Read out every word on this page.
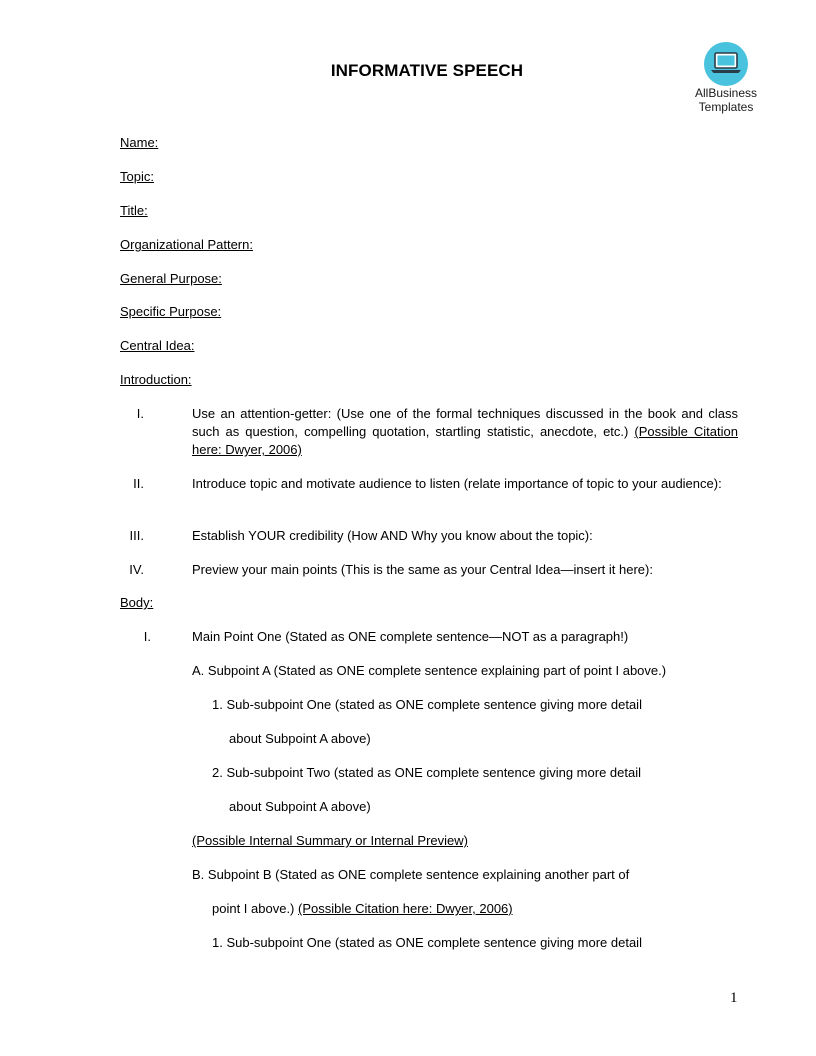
INFORMATIVE SPEECH
AllBusiness
Templates
Name:
Topic:
Title:
Organizational Pattern:
General Purpose:
Specific Purpose:
Central Idea:
Introduction:
I.	Use an attention-getter: (Use one of the formal techniques discussed in the book and class such as question, compelling quotation, startling statistic, anecdote, etc.) (Possible Citation here: Dwyer, 2006)
II.	Introduce topic and motivate audience to listen (relate importance of topic to your audience):
III.	Establish YOUR credibility (How AND Why you know about the topic):
IV.	Preview your main points (This is the same as your Central Idea—insert it here):
Body:
I.	Main Point One (Stated as ONE complete sentence—NOT as a paragraph!)
A. Subpoint A (Stated as ONE complete sentence explaining part of point I above.)
1. Sub-subpoint One (stated as ONE complete sentence giving more detail
about Subpoint A above)
2. Sub-subpoint Two (stated as ONE complete sentence giving more detail
about Subpoint A above)
(Possible Internal Summary or Internal Preview)
B. Subpoint B (Stated as ONE complete sentence explaining another part of
point I above.) (Possible Citation here: Dwyer, 2006)
1. Sub-subpoint One (stated as ONE complete sentence giving more detail
1
